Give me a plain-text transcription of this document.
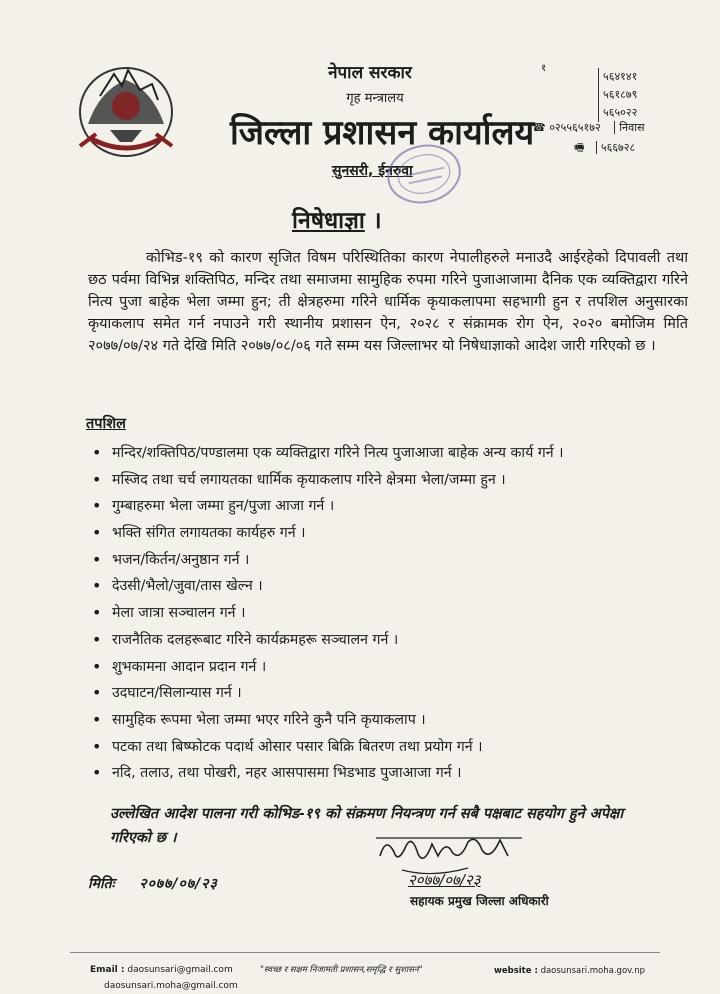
नेपाल सरकार
गृह मन्त्रालय
जिल्ला प्रशासन कार्यालय
सुनसरी, ईनरुवा
१
५६४१४१
५६१८७९
५६५०२२
☎ ०२५५६५१७२ निवास
🖷 ५६६७२८
निषेधाज्ञा ।
कोभिड-१९ को कारण सृजित विषम परिस्थितिका कारण नेपालीहरुले मनाउदै आईरहेको दिपावली तथा छठ पर्वमा विभिन्न शक्तिपिठ, मन्दिर तथा समाजमा सामुहिक रुपमा गरिने पुजाआजामा दैनिक एक व्यक्तिद्वारा गरिने नित्य पुजा बाहेक भेला जम्मा हुन; ती क्षेत्रहरुमा गरिने धार्मिक कृयाकलापमा सहभागी हुन र तपशिल अनुसारका कृयाकलाप समेत गर्न नपाउने गरी स्थानीय प्रशासन ऐन, २०२८ र संक्रामक रोग ऐन, २०२० बमोजिम मिति २०७७/०७/२४ गते देखि मिति २०७७/०८/०६ गते सम्म यस जिल्लाभर यो निषेधाज्ञाको आदेश जारी गरिएको छ ।
तपशिल
• मन्दिर/शक्तिपिठ/पण्डालमा एक व्यक्तिद्वारा गरिने नित्य पुजाआजा बाहेक अन्य कार्य गर्न ।
• मस्जिद तथा चर्च लगायतका धार्मिक कृयाकलाप गरिने क्षेत्रमा भेला/जम्मा हुन ।
• गुम्बाहरुमा भेला जम्मा हुन/पुजा आजा गर्न ।
• भक्ति संगित लगायतका कार्यहरु गर्न ।
• भजन/किर्तन/अनुष्ठान गर्न ।
• देउसी/भैलो/जुवा/तास खेल्न ।
• मेला जात्रा सञ्चालन गर्न ।
• राजनैतिक दलहरूबाट गरिने कार्यक्रमहरू सञ्चालन गर्न ।
• शुभकामना आदान प्रदान गर्न ।
• उदघाटन/सिलान्यास गर्न ।
• सामुहिक रूपमा भेला जम्मा भएर गरिने कुनै पनि कृयाकलाप ।
• पटका तथा बिष्फोटक पदार्थ ओसार पसार बिक्रि बितरण तथा प्रयोग गर्न ।
• नदि, तलाउ, तथा पोखरी, नहर आसपासमा भिडभाड पुजाआजा गर्न ।
उल्लेखित आदेश पालना गरी कोभिड-१९ को संक्रमण नियन्त्रण गर्न सबै पक्षबाट सहयोग हुने अपेक्षा गरिएको छ ।
मितिः २०७७/०७/२३	२०७७/०७/२३
सहायक प्रमुख जिल्ला अधिकारी
Email : daosunsari@gmail.com
daosunsari.moha@gmail.com
"स्वच्छ र सक्षम निजामती प्रशासन,समृद्धि र सुशासन"	website : daosunsari.moha.gov.np
